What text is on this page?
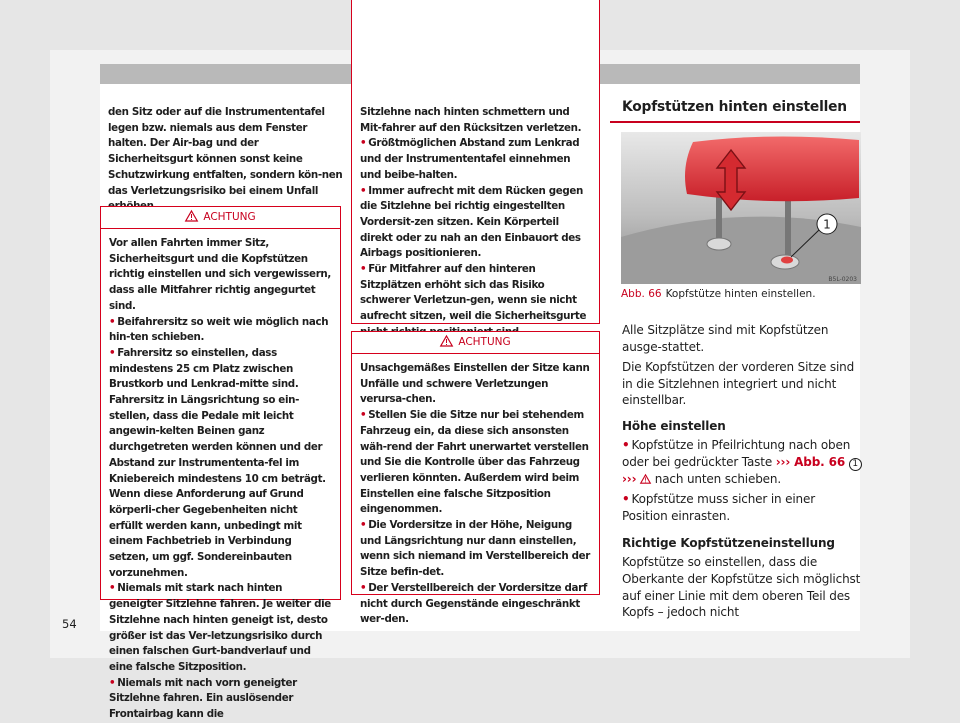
den Sitz oder auf die Instrumententafel legen bzw. niemals aus dem Fenster halten. Der Air-bag und der Sicherheitsgurt können sonst keine Schutzwirkung entfalten, sondern kön-nen das Verletzungsrisiko bei einem Unfall

ACHTUNG

Vor allen Fahrten immer Sitz, Sicherheitsgurt und die Kopfstützen richtig einstellen und sich vergewissern, dass alle Mitfahrer richtig angegurtet sind.

• Beifahrersitz so weit wie möglich nach hin-ten schieben.

• Fahrersitz so einstellen, dass mindestens 25 cm Platz zwischen Brustkorb und Lenkrad-mitte sind. Fahrersitz in Längsrichtung so ein-stellen, dass die Pedale mit leicht angewin-kelten Beinen ganz durchgetreten werden können und der Abstand zur Instrumententa-fel im Kniebereich mindestens 10 cm beträgt. Wenn diese Anforderung auf Grund körperli-cher Gegebenheiten nicht erfüllt werden kann, unbedingt mit einem Fachbetrieb in Verbindung setzen, um ggf. Sondereinbauten vorzunehmen.

• Niemals mit stark nach hinten geneigter Sitzlehne fahren. Je weiter die Sitzlehne nach hinten geneigt ist, desto größer ist das Ver-letzungsrisiko durch einen falschen Gurt-bandverlauf und eine falsche Sitzposition.

• Niemals mit nach vorn geneigter Sitzlehne fahren. Ein auslösender Frontairbag kann die

Sitzlehne nach hinten schmettern und Mit-fahrer auf den Rücksitzen verletzen.

• Größtmöglichen Abstand zum Lenkrad und der Instrumententafel einnehmen und beibe-halten.

• Immer aufrecht mit dem Rücken gegen die Sitzlehne bei richtig eingestellten Vordersit-zen sitzen. Kein Körperteil direkt oder zu nah an den Einbauort des Airbags positionieren.

• Für Mitfahrer auf den hinteren Sitzplätzen erhöht sich das Risiko schwerer Verletzun-gen, wenn sie nicht aufrecht sitzen, weil die Sicherheitsgurte

ACHTUNG

Unsachgemäßes Einstellen der Sitze kann Unfälle und schwere Verletzungen verursa-chen.

• Stellen Sie die Sitze nur bei stehendem Fahrzeug ein, da diese sich ansonsten wäh-rend der Fahrt unerwartet verstellen und Sie die Kontrolle über das Fahrzeug verlieren könnten. Außerdem wird beim Einstellen eine falsche Sitzposition eingenommen.

• Die Vordersitze in der Höhe, Neigung und Längsrichtung nur dann einstellen, wenn sich niemand im Verstellbereich der Sitze befin-det.

• Der Verstellbereich der Vordersitze darf nicht durch Gegenstände eingeschränkt wer-den.

Kopfstützen hinten einstellen
1
B5L-0203
Abb. 66 Kopfstütze hinten einstellen.

Alle Sitzplätze sind mit Kopfstützen ausge-stattet.

Die Kopfstützen der vorderen Sitze sind in die Sitzlehnen integriert und nicht einstellbar.

Höhe einstellen

• Kopfstütze in Pfeilrichtung nach oben oder bei gedrückter Taste ››› Abb. 66 1 ››› nach unten schieben.

• Kopfstütze muss sicher in einer Position einrasten.

Richtige Kopfstützeneinstellung

Kopfstütze so einstellen, dass die Oberkante der Kopfstütze sich möglichst auf einer Linie mit dem oberen Teil des Kopfs – jedoch nicht

54
